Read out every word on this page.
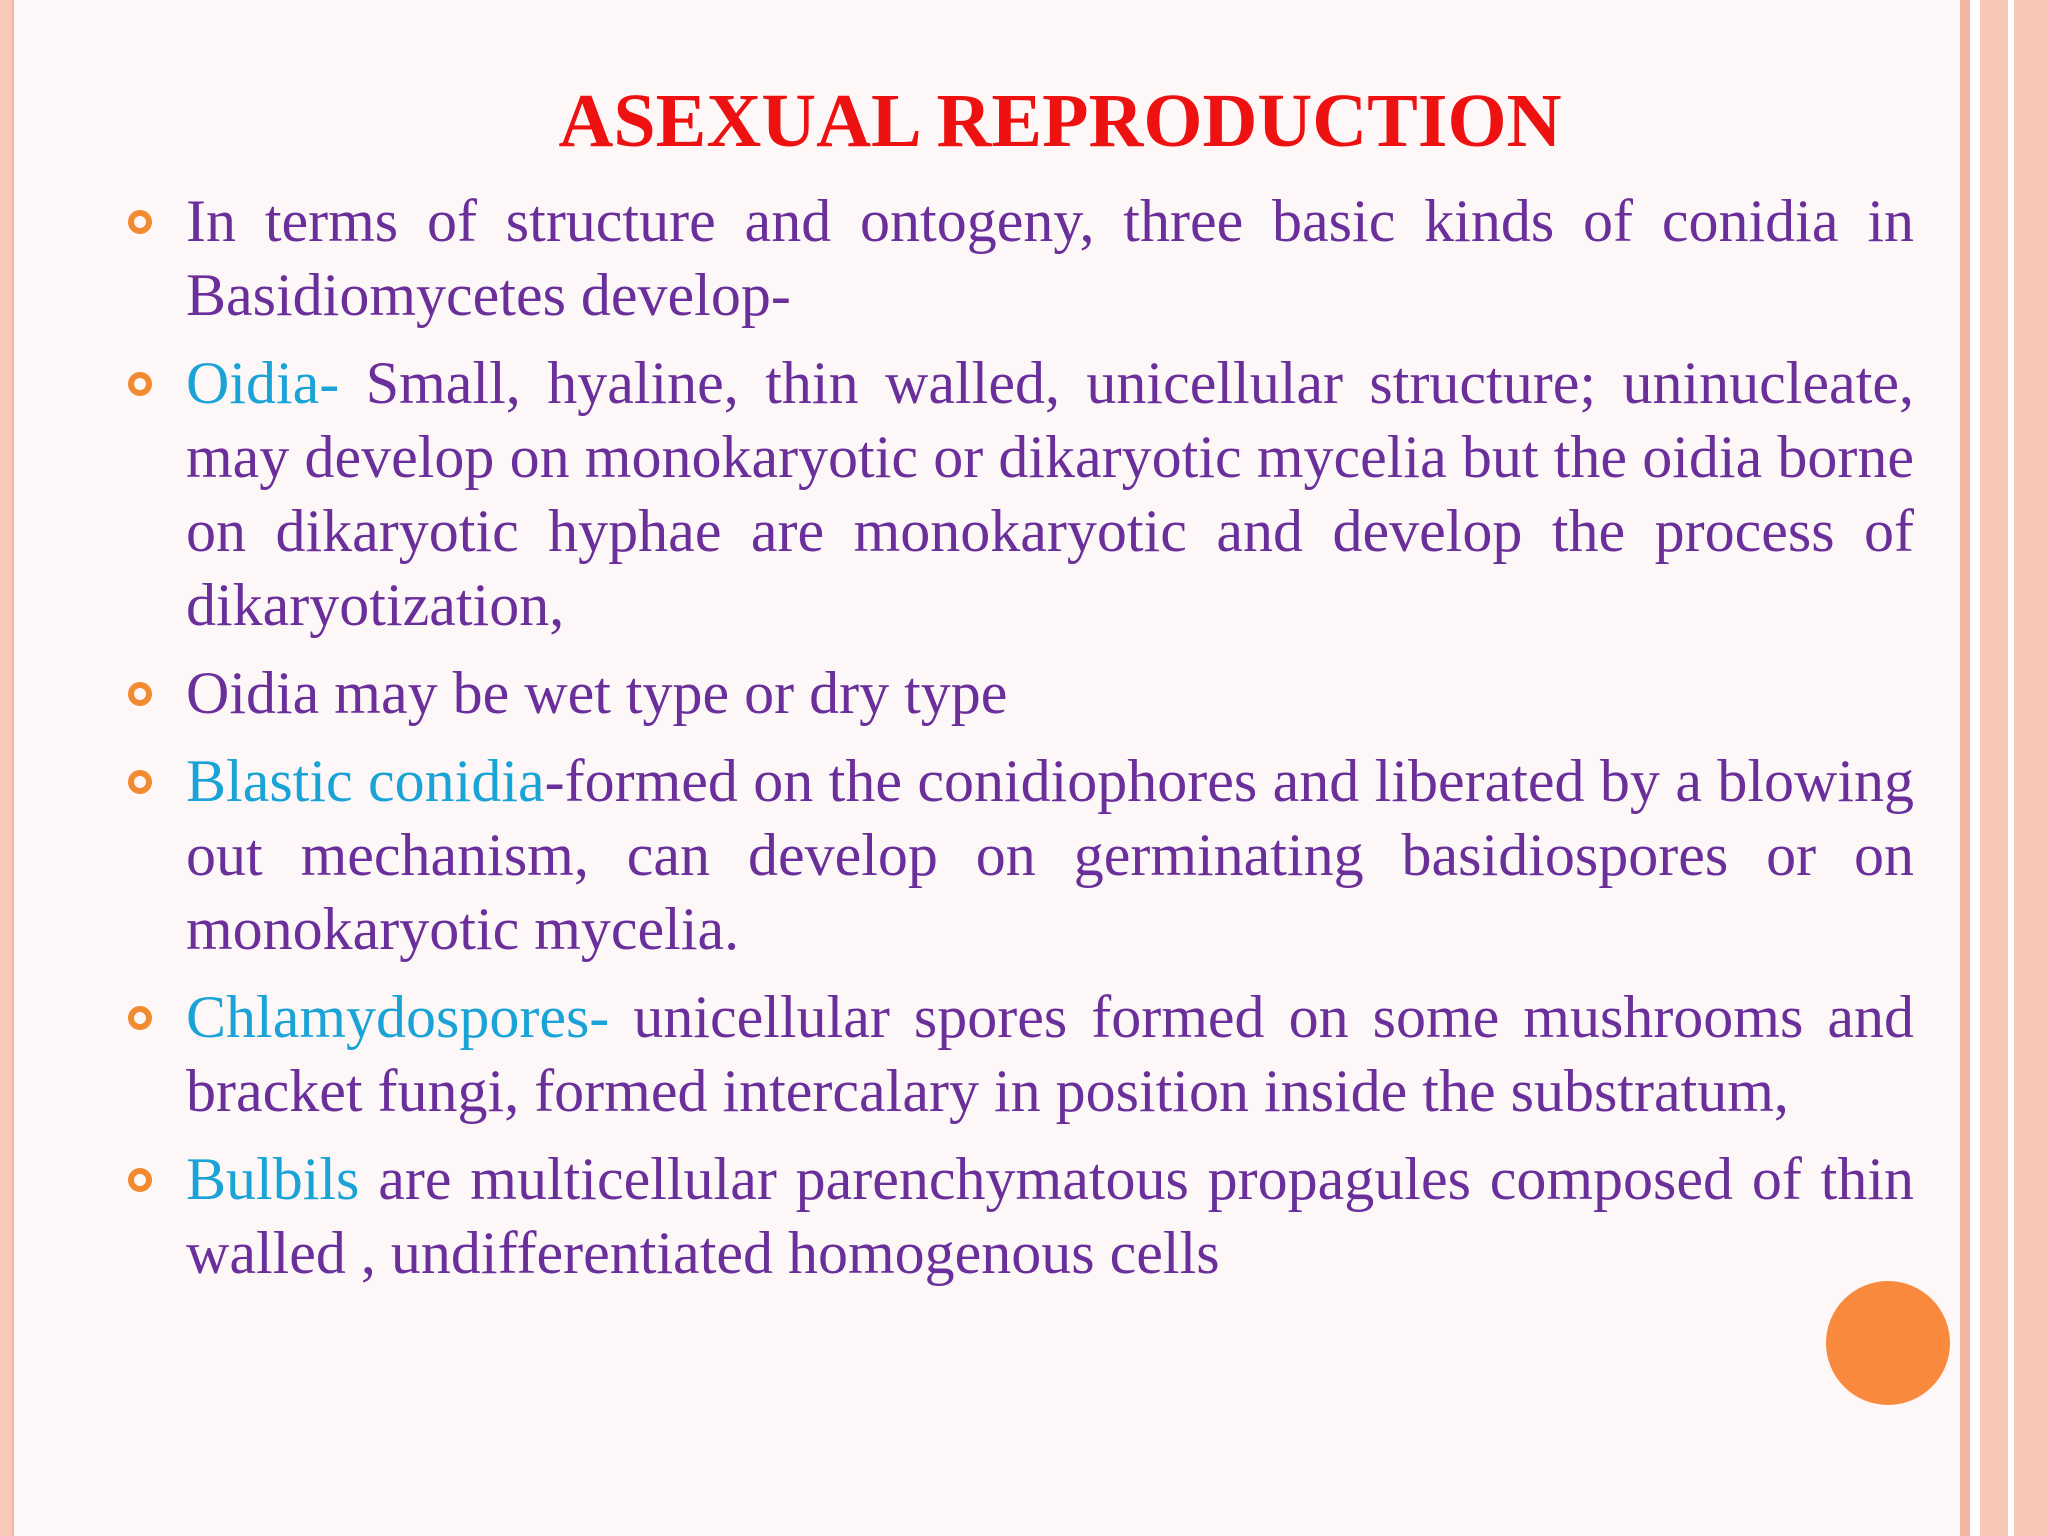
ASEXUAL REPRODUCTION
In terms of structure and ontogeny, three basic kinds of conidia in Basidiomycetes develop-
Oidia- Small, hyaline, thin walled, unicellular structure; uninucleate, may develop on monokaryotic or dikaryotic mycelia but the oidia borne on dikaryotic hyphae are monokaryotic and develop the process of dikaryotization,
Oidia may be wet type or dry type
Blastic conidia-formed on the conidiophores and liberated by a blowing out mechanism, can develop on germinating basidiospores or on monokaryotic mycelia.
Chlamydospores- unicellular spores formed on some mushrooms and bracket fungi, formed intercalary in position inside the substratum,
Bulbils are multicellular parenchymatous propagules composed of thin walled , undifferentiated homogenous cells
